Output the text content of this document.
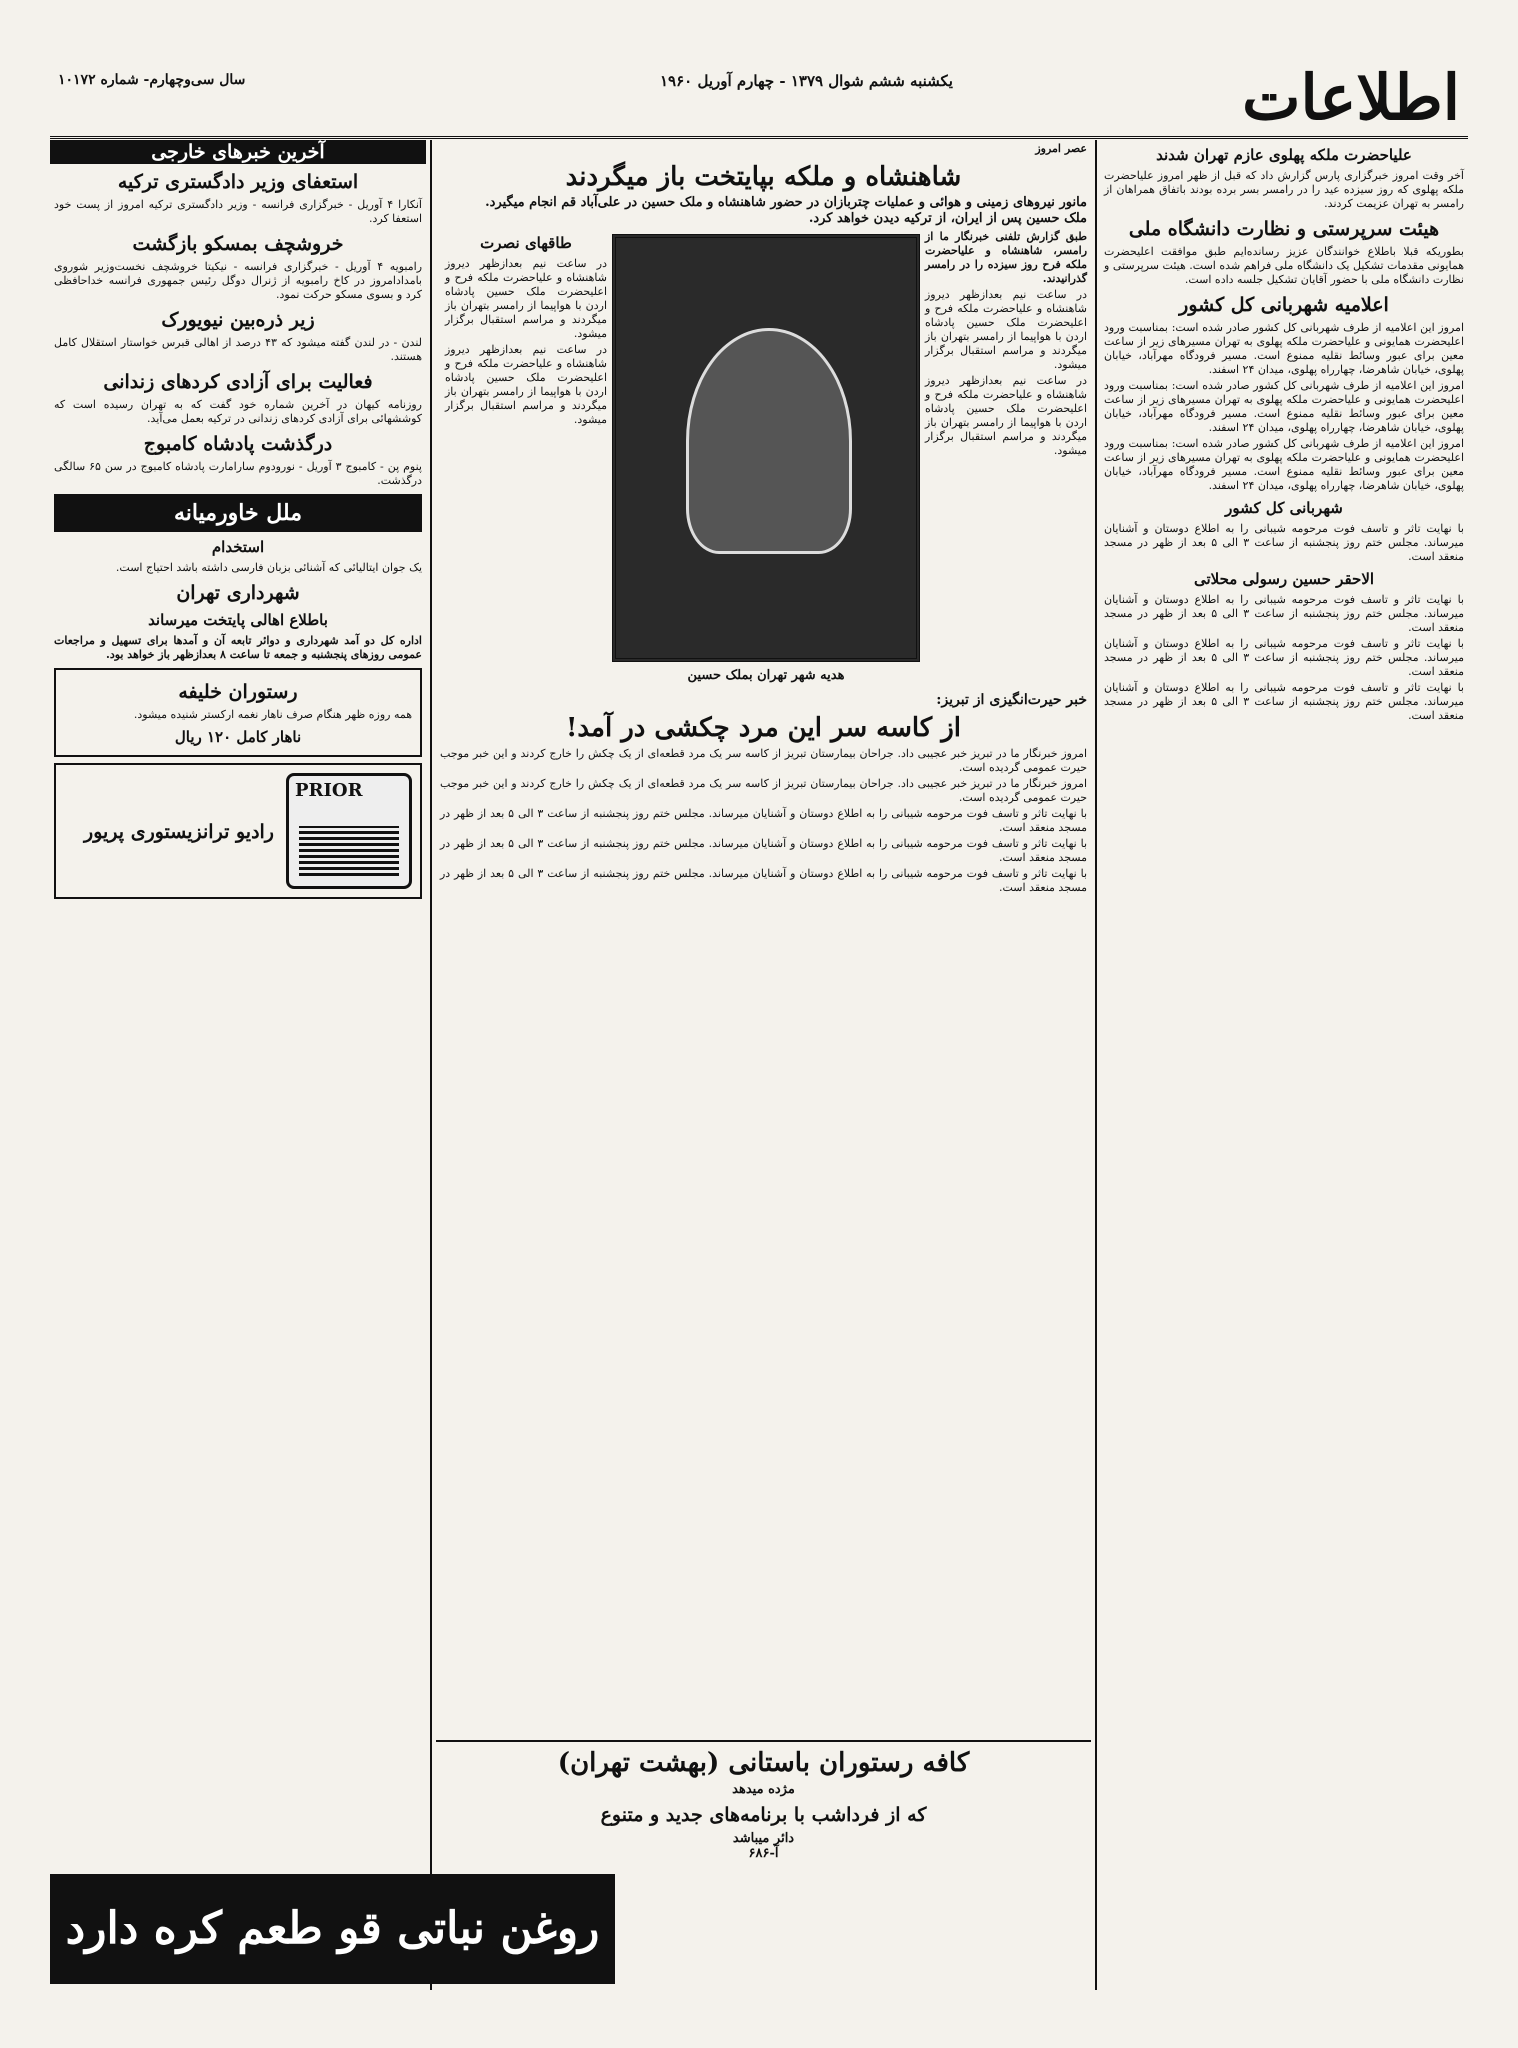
اطلاعات
یکشنبه ششم شوال ۱۳۷۹ - چهارم آوریل ۱۹۶۰
سال سی‌وچهارم- شماره ۱۰۱۷۲
علیاحضرت ملکه پهلوی عازم تهران شدند
آخر وقت امروز خبرگزاری پارس گزارش داد که قبل از ظهر امروز علیاحضرت ملکه پهلوی که روز سیزده عید را در رامسر بسر برده بودند باتفاق همراهان از رامسر به تهران عزیمت کردند.
هیئت سرپرستی و نظارت دانشگاه ملی
بطوریکه قبلا باطلاع خوانندگان عزیز رسانده‌ایم طبق موافقت اعلیحضرت همایونی مقدمات تشکیل یک دانشگاه ملی فراهم شده است. هیئت سرپرستی و نظارت دانشگاه ملی با حضور آقایان تشکیل جلسه داده است.
اعلامیه شهربانی کل کشور
امروز این اعلامیه از طرف شهربانی کل کشور صادر شده است: بمناسبت ورود اعلیحضرت همایونی و علیاحضرت ملکه پهلوی به تهران مسیرهای زیر از ساعت معین برای عبور وسائط نقلیه ممنوع است. مسیر فرودگاه مهرآباد، خیابان پهلوی، خیابان شاهرضا، چهارراه پهلوی، میدان ۲۴ اسفند.
امروز این اعلامیه از طرف شهربانی کل کشور صادر شده است: بمناسبت ورود اعلیحضرت همایونی و علیاحضرت ملکه پهلوی به تهران مسیرهای زیر از ساعت معین برای عبور وسائط نقلیه ممنوع است. مسیر فرودگاه مهرآباد، خیابان پهلوی، خیابان شاهرضا، چهارراه پهلوی، میدان ۲۴ اسفند.
امروز این اعلامیه از طرف شهربانی کل کشور صادر شده است: بمناسبت ورود اعلیحضرت همایونی و علیاحضرت ملکه پهلوی به تهران مسیرهای زیر از ساعت معین برای عبور وسائط نقلیه ممنوع است. مسیر فرودگاه مهرآباد، خیابان پهلوی، خیابان شاهرضا، چهارراه پهلوی، میدان ۲۴ اسفند.
شهربانی کل کشور
با نهایت تاثر و تاسف فوت مرحومه شیبانی را به اطلاع دوستان و آشنایان میرساند. مجلس ختم روز پنجشنبه از ساعت ۳ الی ۵ بعد از ظهر در مسجد منعقد است.
الاحقر حسین رسولی محلاتی
با نهایت تاثر و تاسف فوت مرحومه شیبانی را به اطلاع دوستان و آشنایان میرساند. مجلس ختم روز پنجشنبه از ساعت ۳ الی ۵ بعد از ظهر در مسجد منعقد است.
با نهایت تاثر و تاسف فوت مرحومه شیبانی را به اطلاع دوستان و آشنایان میرساند. مجلس ختم روز پنجشنبه از ساعت ۳ الی ۵ بعد از ظهر در مسجد منعقد است.
با نهایت تاثر و تاسف فوت مرحومه شیبانی را به اطلاع دوستان و آشنایان میرساند. مجلس ختم روز پنجشنبه از ساعت ۳ الی ۵ بعد از ظهر در مسجد منعقد است.
عصر امروز
شاهنشاه و ملکه بپایتخت باز میگردند
مانور نیروهای زمینی و هوائی و عملیات چتربازان در حضور شاهنشاه و ملک حسین در علی‌آباد قم انجام میگیرد.
ملک حسین پس از ایران، از ترکیه دیدن خواهد کرد.
طبق گزارش تلفنی خبرنگار ما از رامسر، شاهنشاه و علیاحضرت ملکه فرح روز سیزده را در رامسر گذرانیدند.
در ساعت نیم بعدازظهر دیروز شاهنشاه و علیاحضرت ملکه فرح و اعلیحضرت ملک حسین پادشاه اردن با هواپیما از رامسر بتهران باز میگردند و مراسم استقبال برگزار میشود.
در ساعت نیم بعدازظهر دیروز شاهنشاه و علیاحضرت ملکه فرح و اعلیحضرت ملک حسین پادشاه اردن با هواپیما از رامسر بتهران باز میگردند و مراسم استقبال برگزار میشود.
هدیه شهر تهران بملک حسین
طاقهای نصرت
در ساعت نیم بعدازظهر دیروز شاهنشاه و علیاحضرت ملکه فرح و اعلیحضرت ملک حسین پادشاه اردن با هواپیما از رامسر بتهران باز میگردند و مراسم استقبال برگزار میشود.
در ساعت نیم بعدازظهر دیروز شاهنشاه و علیاحضرت ملکه فرح و اعلیحضرت ملک حسین پادشاه اردن با هواپیما از رامسر بتهران باز میگردند و مراسم استقبال برگزار میشود.
خبر حیرت‌انگیزی از تبریز:
از کاسه سر این مرد چکشی در آمد!
امروز خبرنگار ما در تبریز خبر عجیبی داد. جراحان بیمارستان تبریز از کاسه سر یک مرد قطعه‌ای از یک چکش را خارج کردند و این خبر موجب حیرت عمومی گردیده است.
امروز خبرنگار ما در تبریز خبر عجیبی داد. جراحان بیمارستان تبریز از کاسه سر یک مرد قطعه‌ای از یک چکش را خارج کردند و این خبر موجب حیرت عمومی گردیده است.
با نهایت تاثر و تاسف فوت مرحومه شیبانی را به اطلاع دوستان و آشنایان میرساند. مجلس ختم روز پنجشنبه از ساعت ۳ الی ۵ بعد از ظهر در مسجد منعقد است.
با نهایت تاثر و تاسف فوت مرحومه شیبانی را به اطلاع دوستان و آشنایان میرساند. مجلس ختم روز پنجشنبه از ساعت ۳ الی ۵ بعد از ظهر در مسجد منعقد است.
با نهایت تاثر و تاسف فوت مرحومه شیبانی را به اطلاع دوستان و آشنایان میرساند. مجلس ختم روز پنجشنبه از ساعت ۳ الی ۵ بعد از ظهر در مسجد منعقد است.
کافه رستوران باستانی (بهشت تهران)
مژده میدهد
که از فرداشب با برنامه‌های جدید و متنوع
دائر میباشد
آ-۶۸۶
آخرین خبرهای خارجی
استعفای وزیر دادگستری ترکیه
آنکارا ۴ آوریل - خبرگزاری فرانسه - وزیر دادگستری ترکیه امروز از پست خود استعفا کرد.
خروشچف بمسکو بازگشت
رامبویه ۴ آوریل - خبرگزاری فرانسه - نیکیتا خروشچف نخست‌وزیر شوروی بامدادامروز در کاخ رامبویه از ژنرال دوگل رئیس جمهوری فرانسه خداحافظی کرد و بسوی مسکو حرکت نمود.
زیر ذره‌بین نیویورک
لندن - در لندن گفته میشود که ۴۳ درصد از اهالی قبرس خواستار استقلال کامل هستند.
فعالیت برای آزادی کردهای زندانی
روزنامه کیهان در آخرین شماره خود گفت که به تهران رسیده است که کوششهائی برای آزادی کردهای زندانی در ترکیه بعمل می‌آید.
درگذشت پادشاه کامبوج
پنوم پن - کامبوج ۳ آوریل - نورودوم سارامارت پادشاه کامبوج در سن ۶۵ سالگی درگذشت.
ملل خاورمیانه
استخدام
یک جوان ایتالیائی که آشنائی بزبان فارسی داشته باشد احتیاج است.
شهرداری تهران
باطلاع اهالی پایتخت میرساند
اداره کل دو آمد شهرداری و دوائر تابعه آن و آمدها برای تسهیل و مراجعات عمومی روزهای پنجشنبه و جمعه تا ساعت ۸ بعدازظهر باز خواهد بود.
رستوران خلیفه
همه روزه ظهر هنگام صرف ناهار نغمه ارکستر شنیده میشود.
ناهار کامل ۱۲۰ ریال
PRIOR
رادیو ترانزیستوری پریور
روغن نباتی قو طعم کره دارد
